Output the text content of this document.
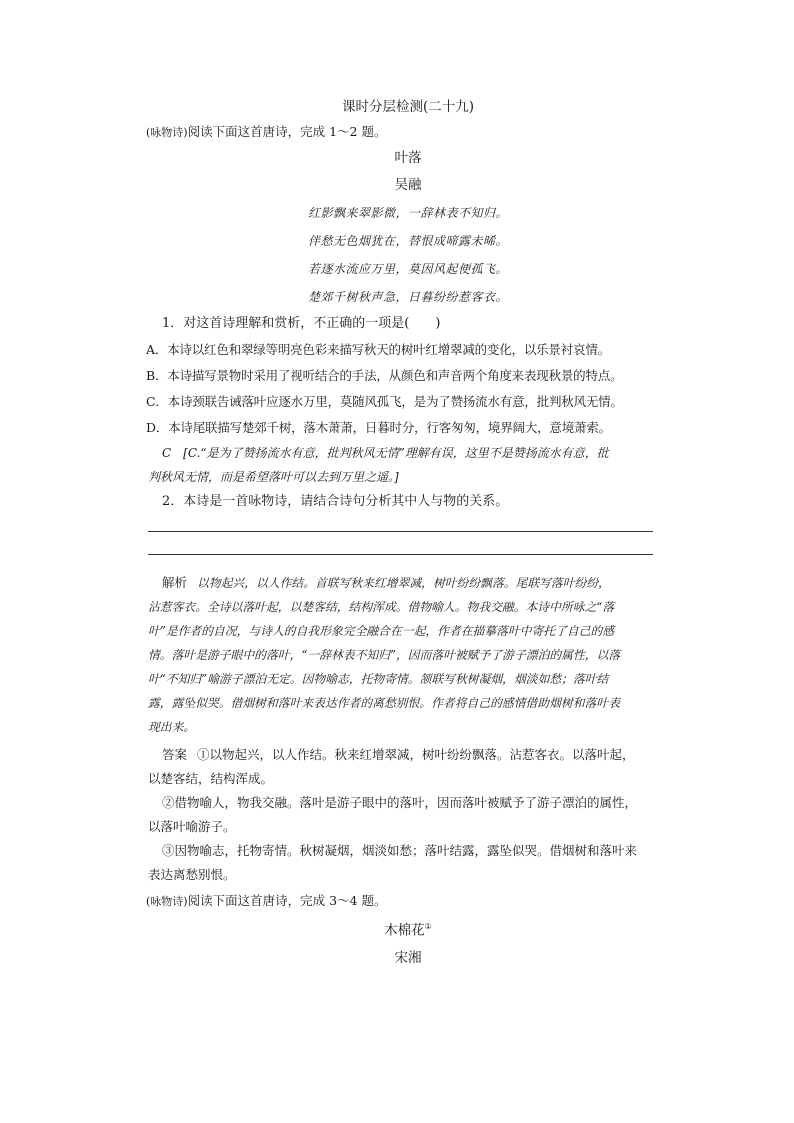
课时分层检测(二十九)

(咏物诗)阅读下面这首唐诗，完成 1～2 题。

叶落

吴融

红影飘来翠影微，一辞林表不知归。

伴愁无色烟犹在，替恨成啼露未晞。

若逐水流应万里，莫因风起便孤飞。

楚郊千树秋声急，日暮纷纷惹客衣。

1．对这首诗理解和赏析，不正确的一项是(　　)

A．本诗以红色和翠绿等明亮色彩来描写秋天的树叶红增翠减的变化，以乐景衬哀情。

B．本诗描写景物时采用了视听结合的手法，从颜色和声音两个角度来表现秋景的特点。

C．本诗颈联告诫落叶应逐水万里，莫随风孤飞，是为了赞扬流水有意，批判秋风无情。

D．本诗尾联描写楚郊千树，落木萧萧，日暮时分，行客匆匆，境界阔大，意境萧索。

C　[C.“是为了赞扬流水有意，批判秋风无情”理解有误，这里不是赞扬流水有意，批

判秋风无情，而是希望落叶可以去到万里之遥。]

2．本诗是一首咏物诗，请结合诗句分析其中人与物的关系。

解析 以物起兴，以人作结。首联写秋来红增翠减，树叶纷纷飘落。尾联写落叶纷纷，

沾惹客衣。全诗以落叶起，以楚客结，结构浑成。借物喻人。物我交融。本诗中所咏之“落

叶”是作者的自况，与诗人的自我形象完全融合在一起，作者在描摹落叶中寄托了自己的感

情。落叶是游子眼中的落叶，“一辞林表不知归”，因而落叶被赋予了游子漂泊的属性，以落

叶“不知归”喻游子漂泊无定。因物喻志，托物寄情。颔联写秋树凝烟，烟淡如愁；落叶结

露，露坠似哭。借烟树和落叶来表达作者的离愁别恨。作者将自己的感情借助烟树和落叶表

现出来。

答案 ①以物起兴，以人作结。秋来红增翠减，树叶纷纷飘落。沾惹客衣。以落叶起，

以楚客结，结构浑成。

②借物喻人，物我交融。落叶是游子眼中的落叶，因而落叶被赋予了游子漂泊的属性，

以落叶喻游子。

③因物喻志，托物寄情。秋树凝烟，烟淡如愁；落叶结露，露坠似哭。借烟树和落叶来

表达离愁别恨。

(咏物诗)阅读下面这首唐诗，完成 3～4 题。

木棉花①

宋湘
